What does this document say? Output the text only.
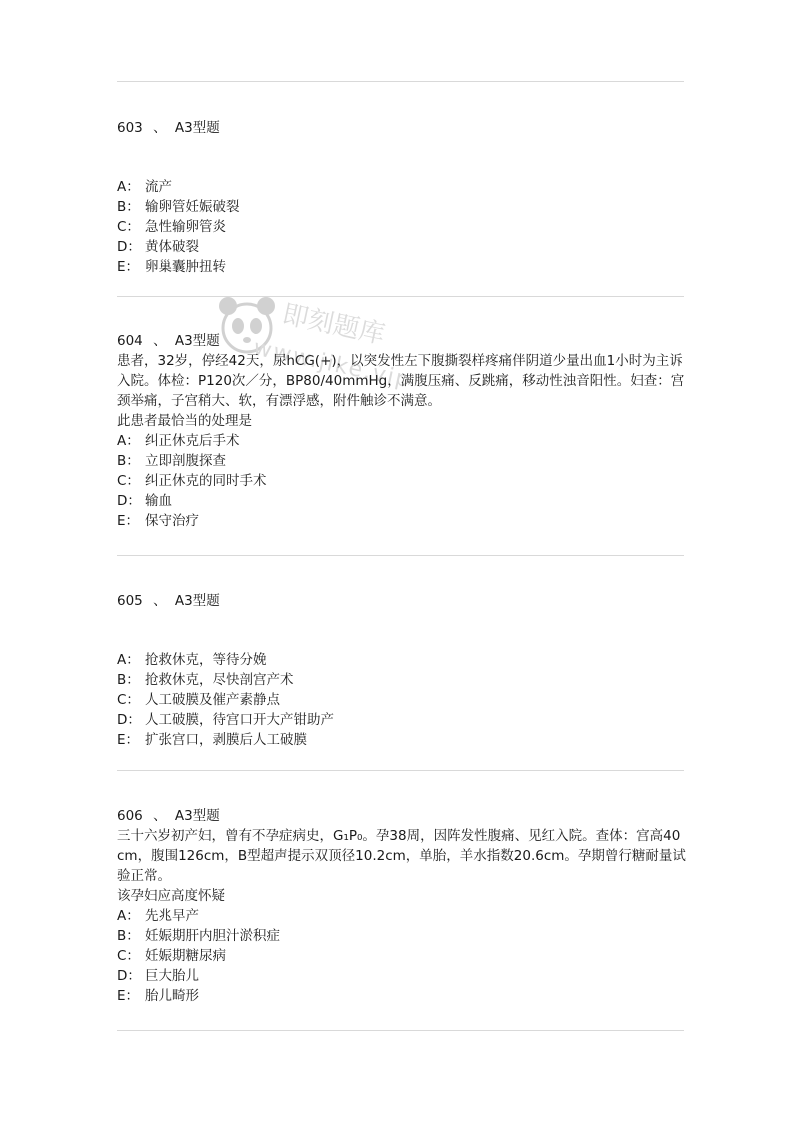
603 、 A3型题
A： 流产
B： 输卵管妊娠破裂
C： 急性输卵管炎
D： 黄体破裂
E： 卵巢囊肿扭转
604 、 A3型题
患者，32岁，停经42天，尿hCG(+)，以突发性左下腹撕裂样疼痛伴阴道少量出血1小时为主诉入院。体检：P120次／分，BP80/40mmHg，满腹压痛、反跳痛，移动性浊音阳性。妇查：宫颈举痛，子宫稍大、软，有漂浮感，附件触诊不满意。
此患者最恰当的处理是
A： 纠正休克后手术
B： 立即剖腹探查
C： 纠正休克的同时手术
D： 输血
E： 保守治疗
605 、 A3型题
A： 抢救休克，等待分娩
B： 抢救休克，尽快剖宫产术
C： 人工破膜及催产素静点
D： 人工破膜，待宫口开大产钳助产
E： 扩张宫口，剥膜后人工破膜
606 、 A3型题
三十六岁初产妇，曾有不孕症病史，G₁P₀。孕38周，因阵发性腹痛、见红入院。查体：宫高40cm，腹围126cm，B型超声提示双顶径10.2cm，单胎，羊水指数20.6cm。孕期曾行糖耐量试验正常。
该孕妇应高度怀疑
A： 先兆早产
B： 妊娠期肝内胆汁淤积症
C： 妊娠期糖尿病
D： 巨大胎儿
E： 胎儿畸形
即刻题库
www.jike.vip
